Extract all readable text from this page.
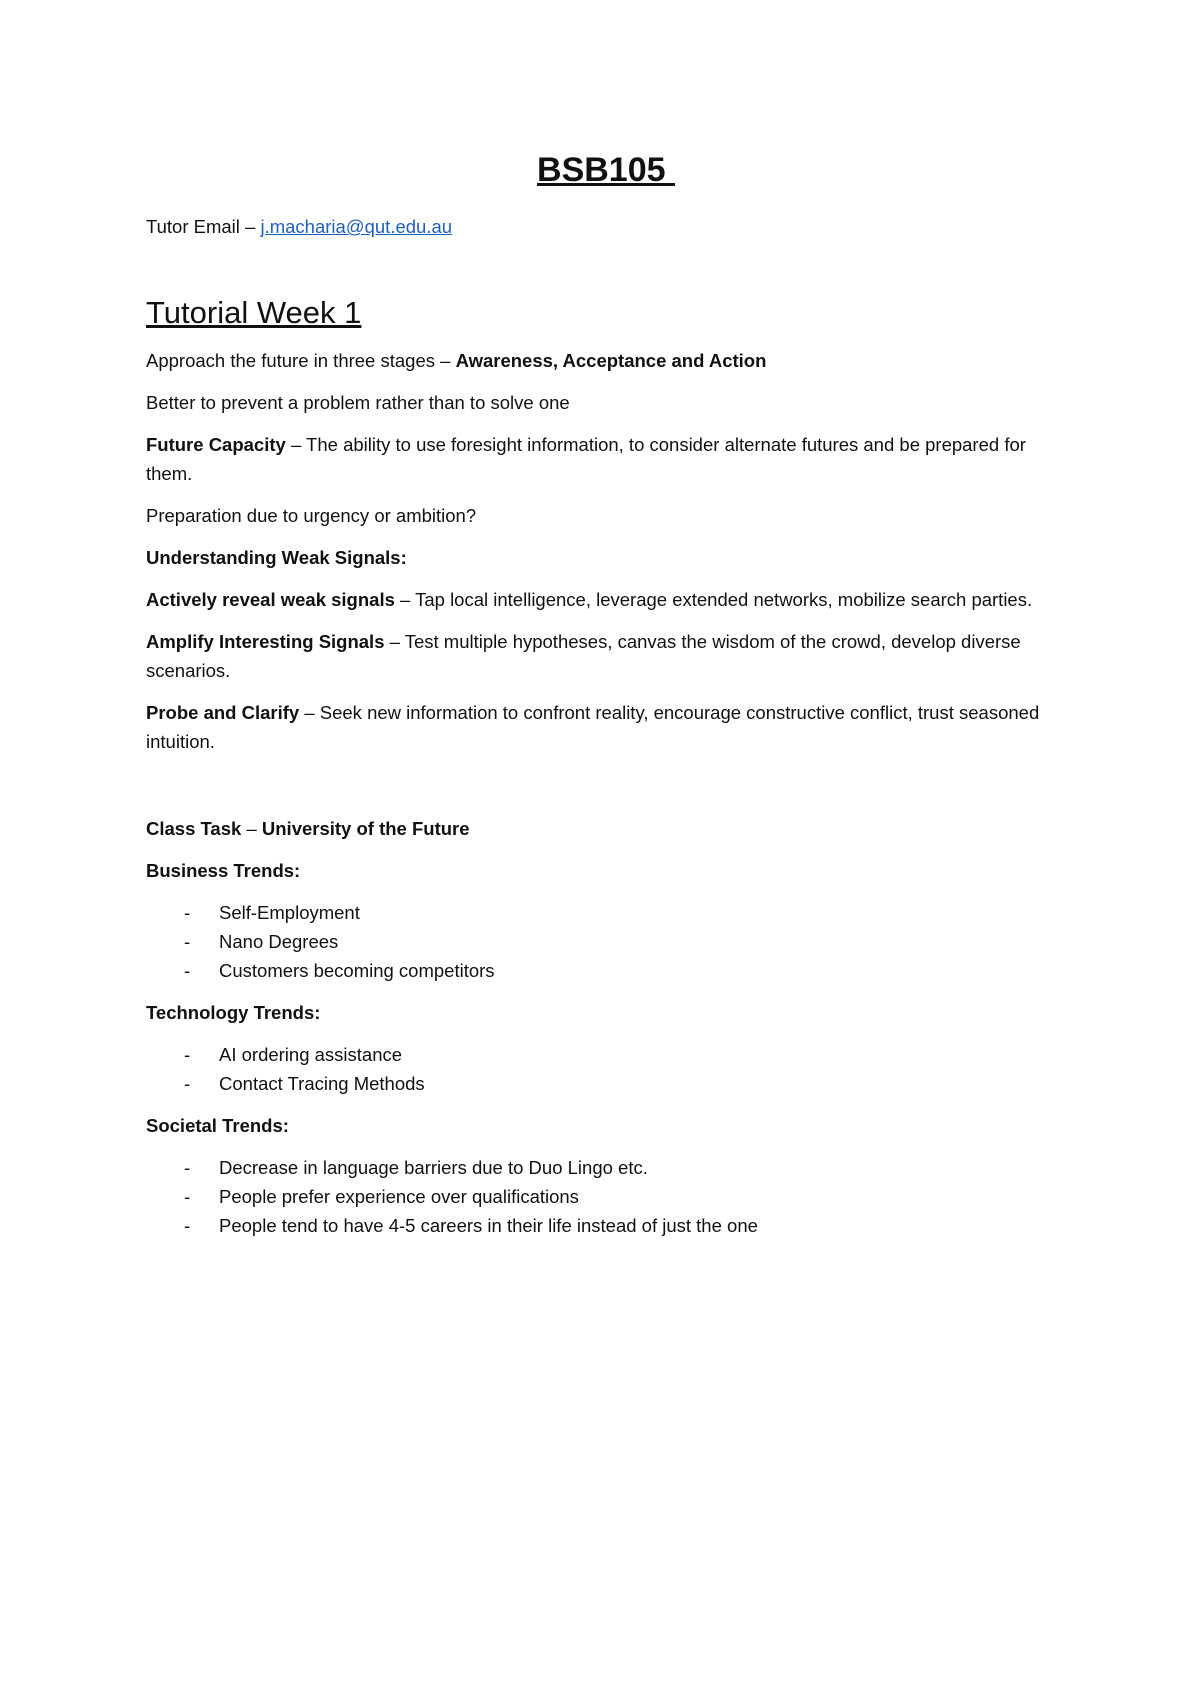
BSB105

Tutor Email – j.macharia@qut.edu.au

Tutorial Week 1

Approach the future in three stages – Awareness, Acceptance and Action

Better to prevent a problem rather than to solve one

Future Capacity – The ability to use foresight information, to consider alternate futures and be prepared for them.

Preparation due to urgency or ambition?

Understanding Weak Signals:

Actively reveal weak signals – Tap local intelligence, leverage extended networks, mobilize search parties.

Amplify Interesting Signals – Test multiple hypotheses, canvas the wisdom of the crowd, develop diverse scenarios.

Probe and Clarify – Seek new information to confront reality, encourage constructive conflict, trust seasoned intuition.

Class Task – University of the Future

Business Trends:

- Self-Employment
- Nano Degrees
- Customers becoming competitors

Technology Trends:

- AI ordering assistance
- Contact Tracing Methods

Societal Trends:

- Decrease in language barriers due to Duo Lingo etc.
- People prefer experience over qualifications
- People tend to have 4-5 careers in their life instead of just the one
